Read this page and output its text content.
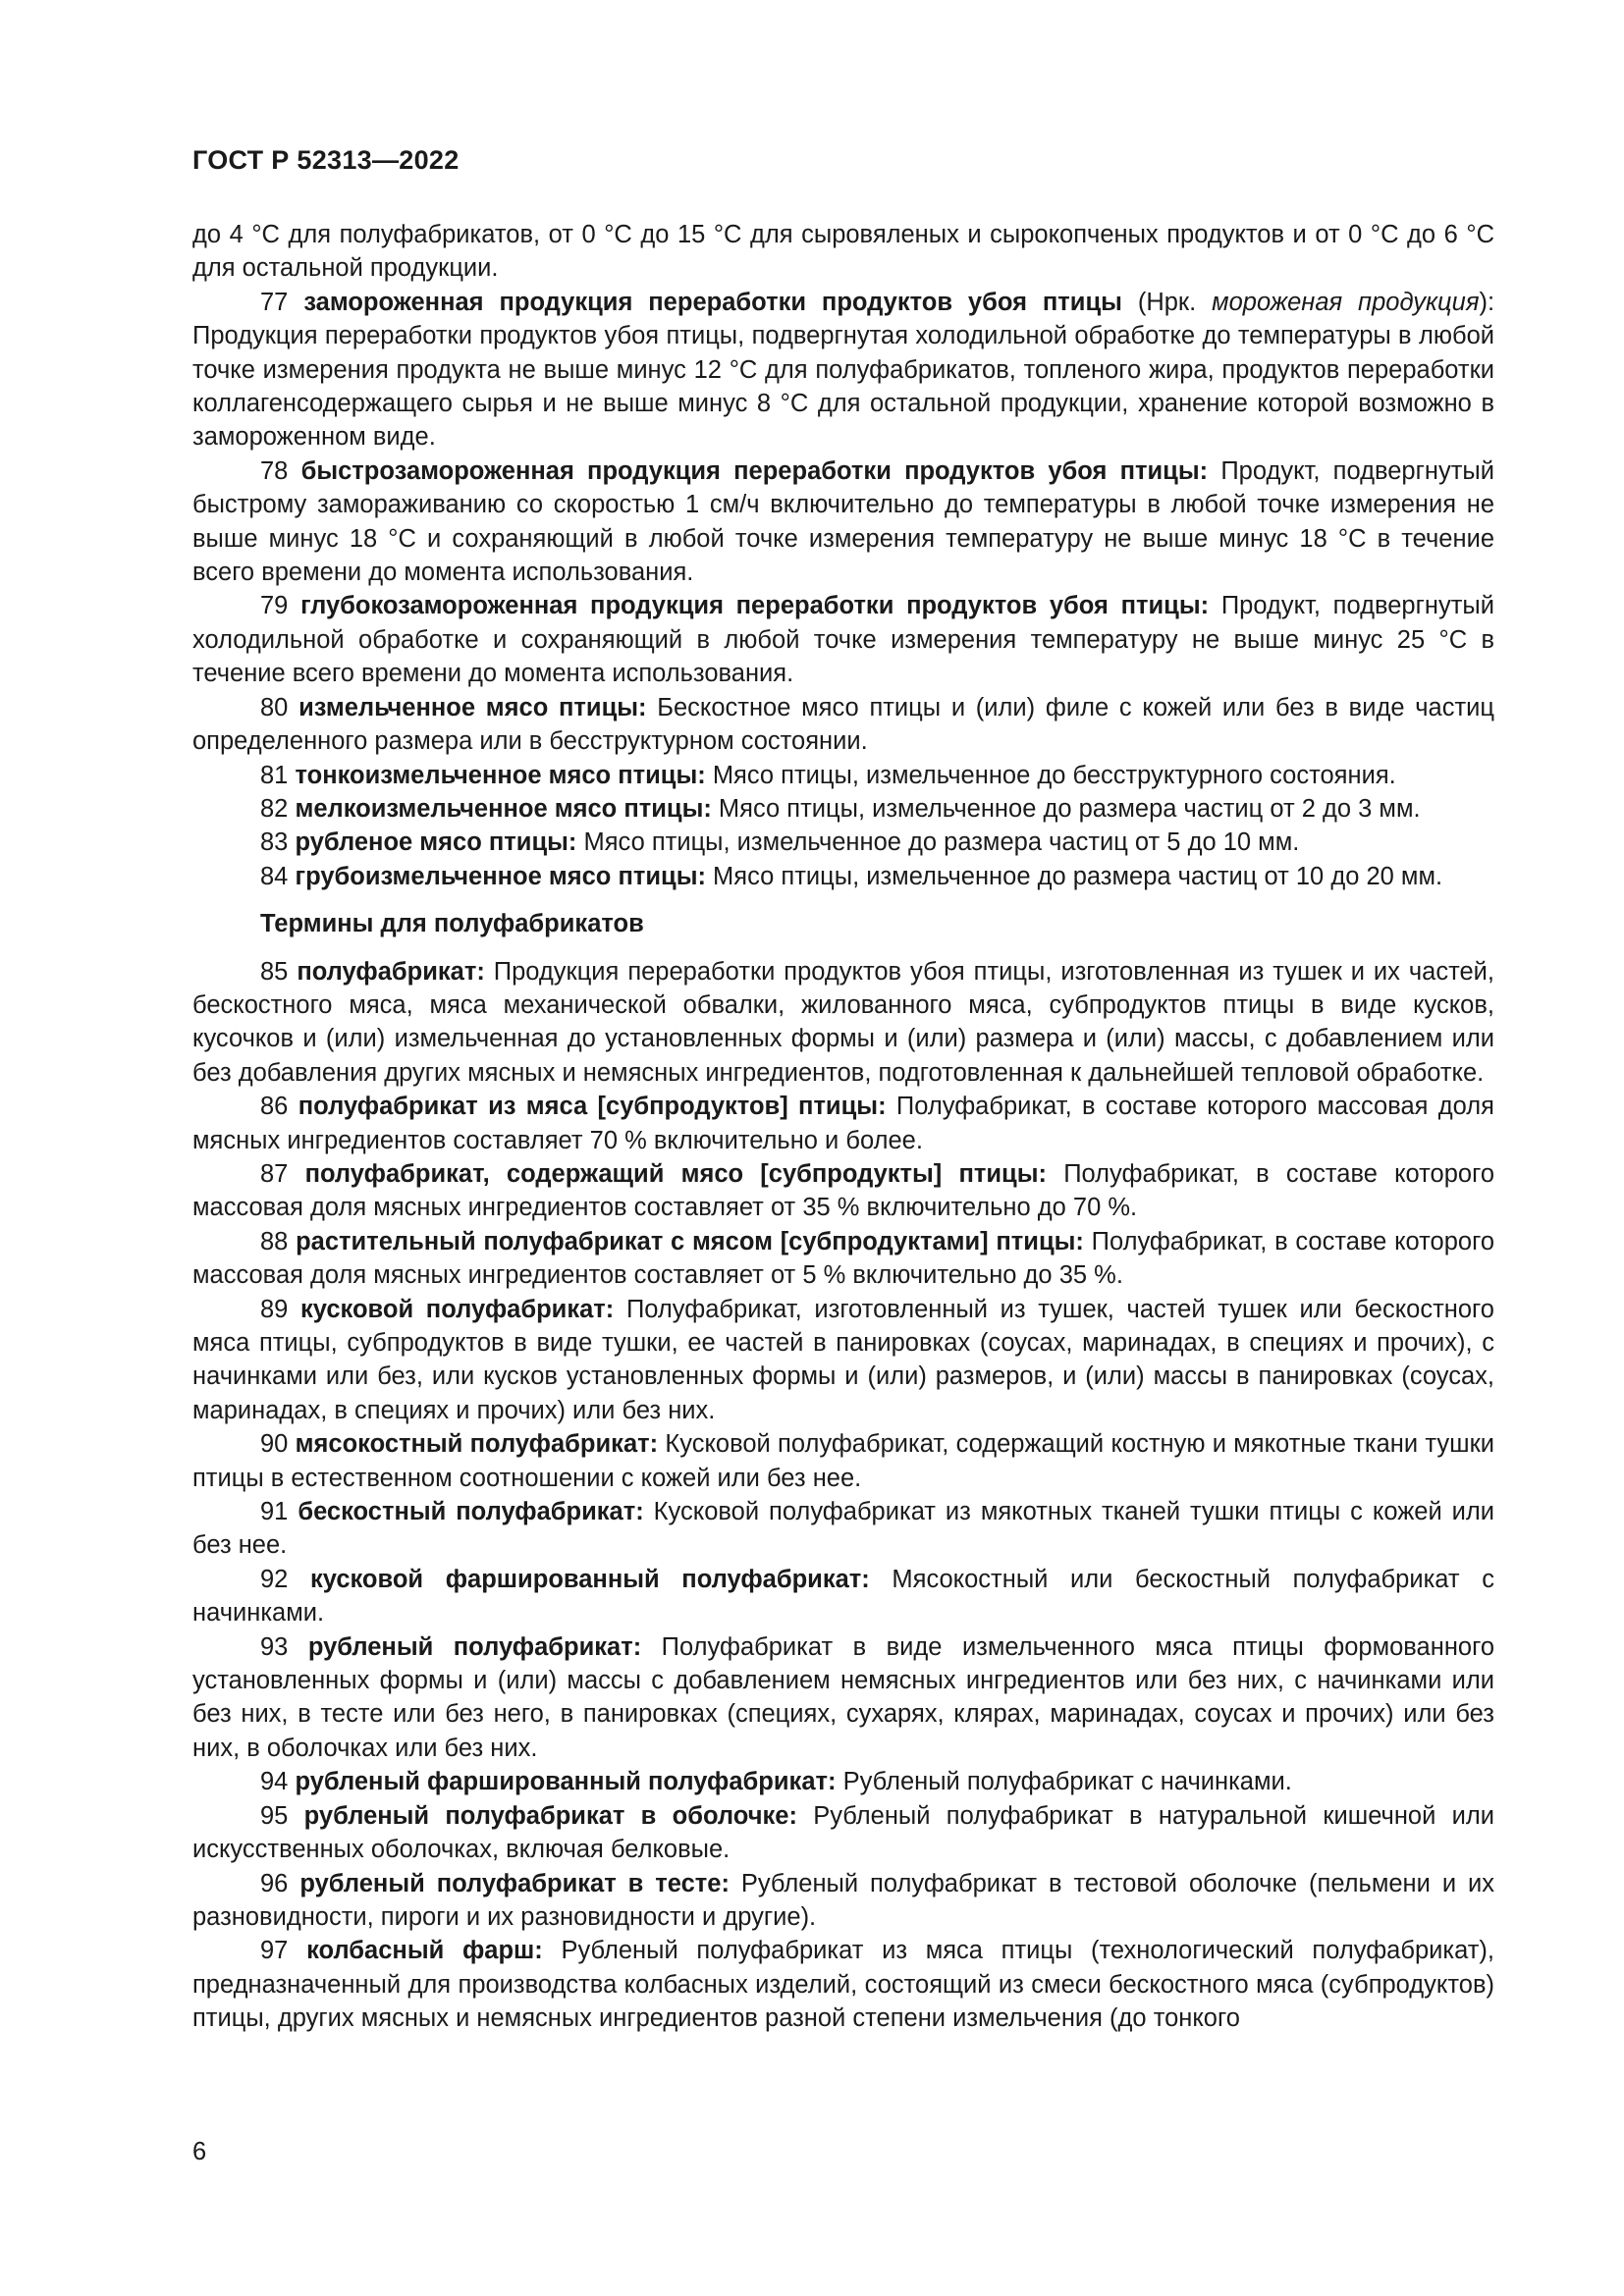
ГОСТ Р 52313—2022

до 4 °С для полуфабрикатов, от 0 °С до 15 °С для сыровяленых и сырокопченых продуктов и от 0 °С до 6 °С для остальной продукции.

77 замороженная продукция переработки продуктов убоя птицы (Нрк. мороженая продукция): Продукция переработки продуктов убоя птицы, подвергнутая холодильной обработке до температуры в любой точке измерения продукта не выше минус 12 °С для полуфабрикатов, топленого жира, продуктов переработки коллагенсодержащего сырья и не выше минус 8 °С для остальной продукции, хранение которой возможно в замороженном виде.

78 быстрозамороженная продукция переработки продуктов убоя птицы: Продукт, подвергнутый быстрому замораживанию со скоростью 1 см/ч включительно до температуры в любой точке измерения не выше минус 18 °С и сохраняющий в любой точке измерения температуру не выше минус 18 °С в течение всего времени до момента использования.

79 глубокозамороженная продукция переработки продуктов убоя птицы: Продукт, подвергнутый холодильной обработке и сохраняющий в любой точке измерения температуру не выше минус 25 °С в течение всего времени до момента использования.

80 измельченное мясо птицы: Бескостное мясо птицы и (или) филе с кожей или без в виде частиц определенного размера или в бесструктурном состоянии.

81 тонкоизмельченное мясо птицы: Мясо птицы, измельченное до бесструктурного состояния.

82 мелкоизмельченное мясо птицы: Мясо птицы, измельченное до размера частиц от 2 до 3 мм.

83 рубленое мясо птицы: Мясо птицы, измельченное до размера частиц от 5 до 10 мм.

84 грубоизмельченное мясо птицы: Мясо птицы, измельченное до размера частиц от 10 до 20 мм.

Термины для полуфабрикатов

85 полуфабрикат: Продукция переработки продуктов убоя птицы, изготовленная из тушек и их частей, бескостного мяса, мяса механической обвалки, жилованного мяса, субпродуктов птицы в виде кусков, кусочков и (или) измельченная до установленных формы и (или) размера и (или) массы, с добавлением или без добавления других мясных и немясных ингредиентов, подготовленная к дальнейшей тепловой обработке.

86 полуфабрикат из мяса [субпродуктов] птицы: Полуфабрикат, в составе которого массовая доля мясных ингредиентов составляет 70 % включительно и более.

87 полуфабрикат, содержащий мясо [субпродукты] птицы: Полуфабрикат, в составе которого массовая доля мясных ингредиентов составляет от 35 % включительно до 70 %.

88 растительный полуфабрикат с мясом [субпродуктами] птицы: Полуфабрикат, в составе которого массовая доля мясных ингредиентов составляет от 5 % включительно до 35 %.

89 кусковой полуфабрикат: Полуфабрикат, изготовленный из тушек, частей тушек или бескостного мяса птицы, субпродуктов в виде тушки, ее частей в панировках (соусах, маринадах, в специях и прочих), с начинками или без, или кусков установленных формы и (или) размеров, и (или) массы в панировках (соусах, маринадах, в специях и прочих) или без них.

90 мясокостный полуфабрикат: Кусковой полуфабрикат, содержащий костную и мякотные ткани тушки птицы в естественном соотношении с кожей или без нее.

91 бескостный полуфабрикат: Кусковой полуфабрикат из мякотных тканей тушки птицы с кожей или без нее.

92 кусковой фаршированный полуфабрикат: Мясокостный или бескостный полуфабрикат с начинками.

93 рубленый полуфабрикат: Полуфабрикат в виде измельченного мяса птицы формованного установленных формы и (или) массы с добавлением немясных ингредиентов или без них, с начинками или без них, в тесте или без него, в панировках (специях, сухарях, клярах, маринадах, соусах и прочих) или без них, в оболочках или без них.

94 рубленый фаршированный полуфабрикат: Рубленый полуфабрикат с начинками.

95 рубленый полуфабрикат в оболочке: Рубленый полуфабрикат в натуральной кишечной или искусственных оболочках, включая белковые.

96 рубленый полуфабрикат в тесте: Рубленый полуфабрикат в тестовой оболочке (пельмени и их разновидности, пироги и их разновидности и другие).

97 колбасный фарш: Рубленый полуфабрикат из мяса птицы (технологический полуфабрикат), предназначенный для производства колбасных изделий, состоящий из смеси бескостного мяса (субпродуктов) птицы, других мясных и немясных ингредиентов разной степени измельчения (до тонкого

6
